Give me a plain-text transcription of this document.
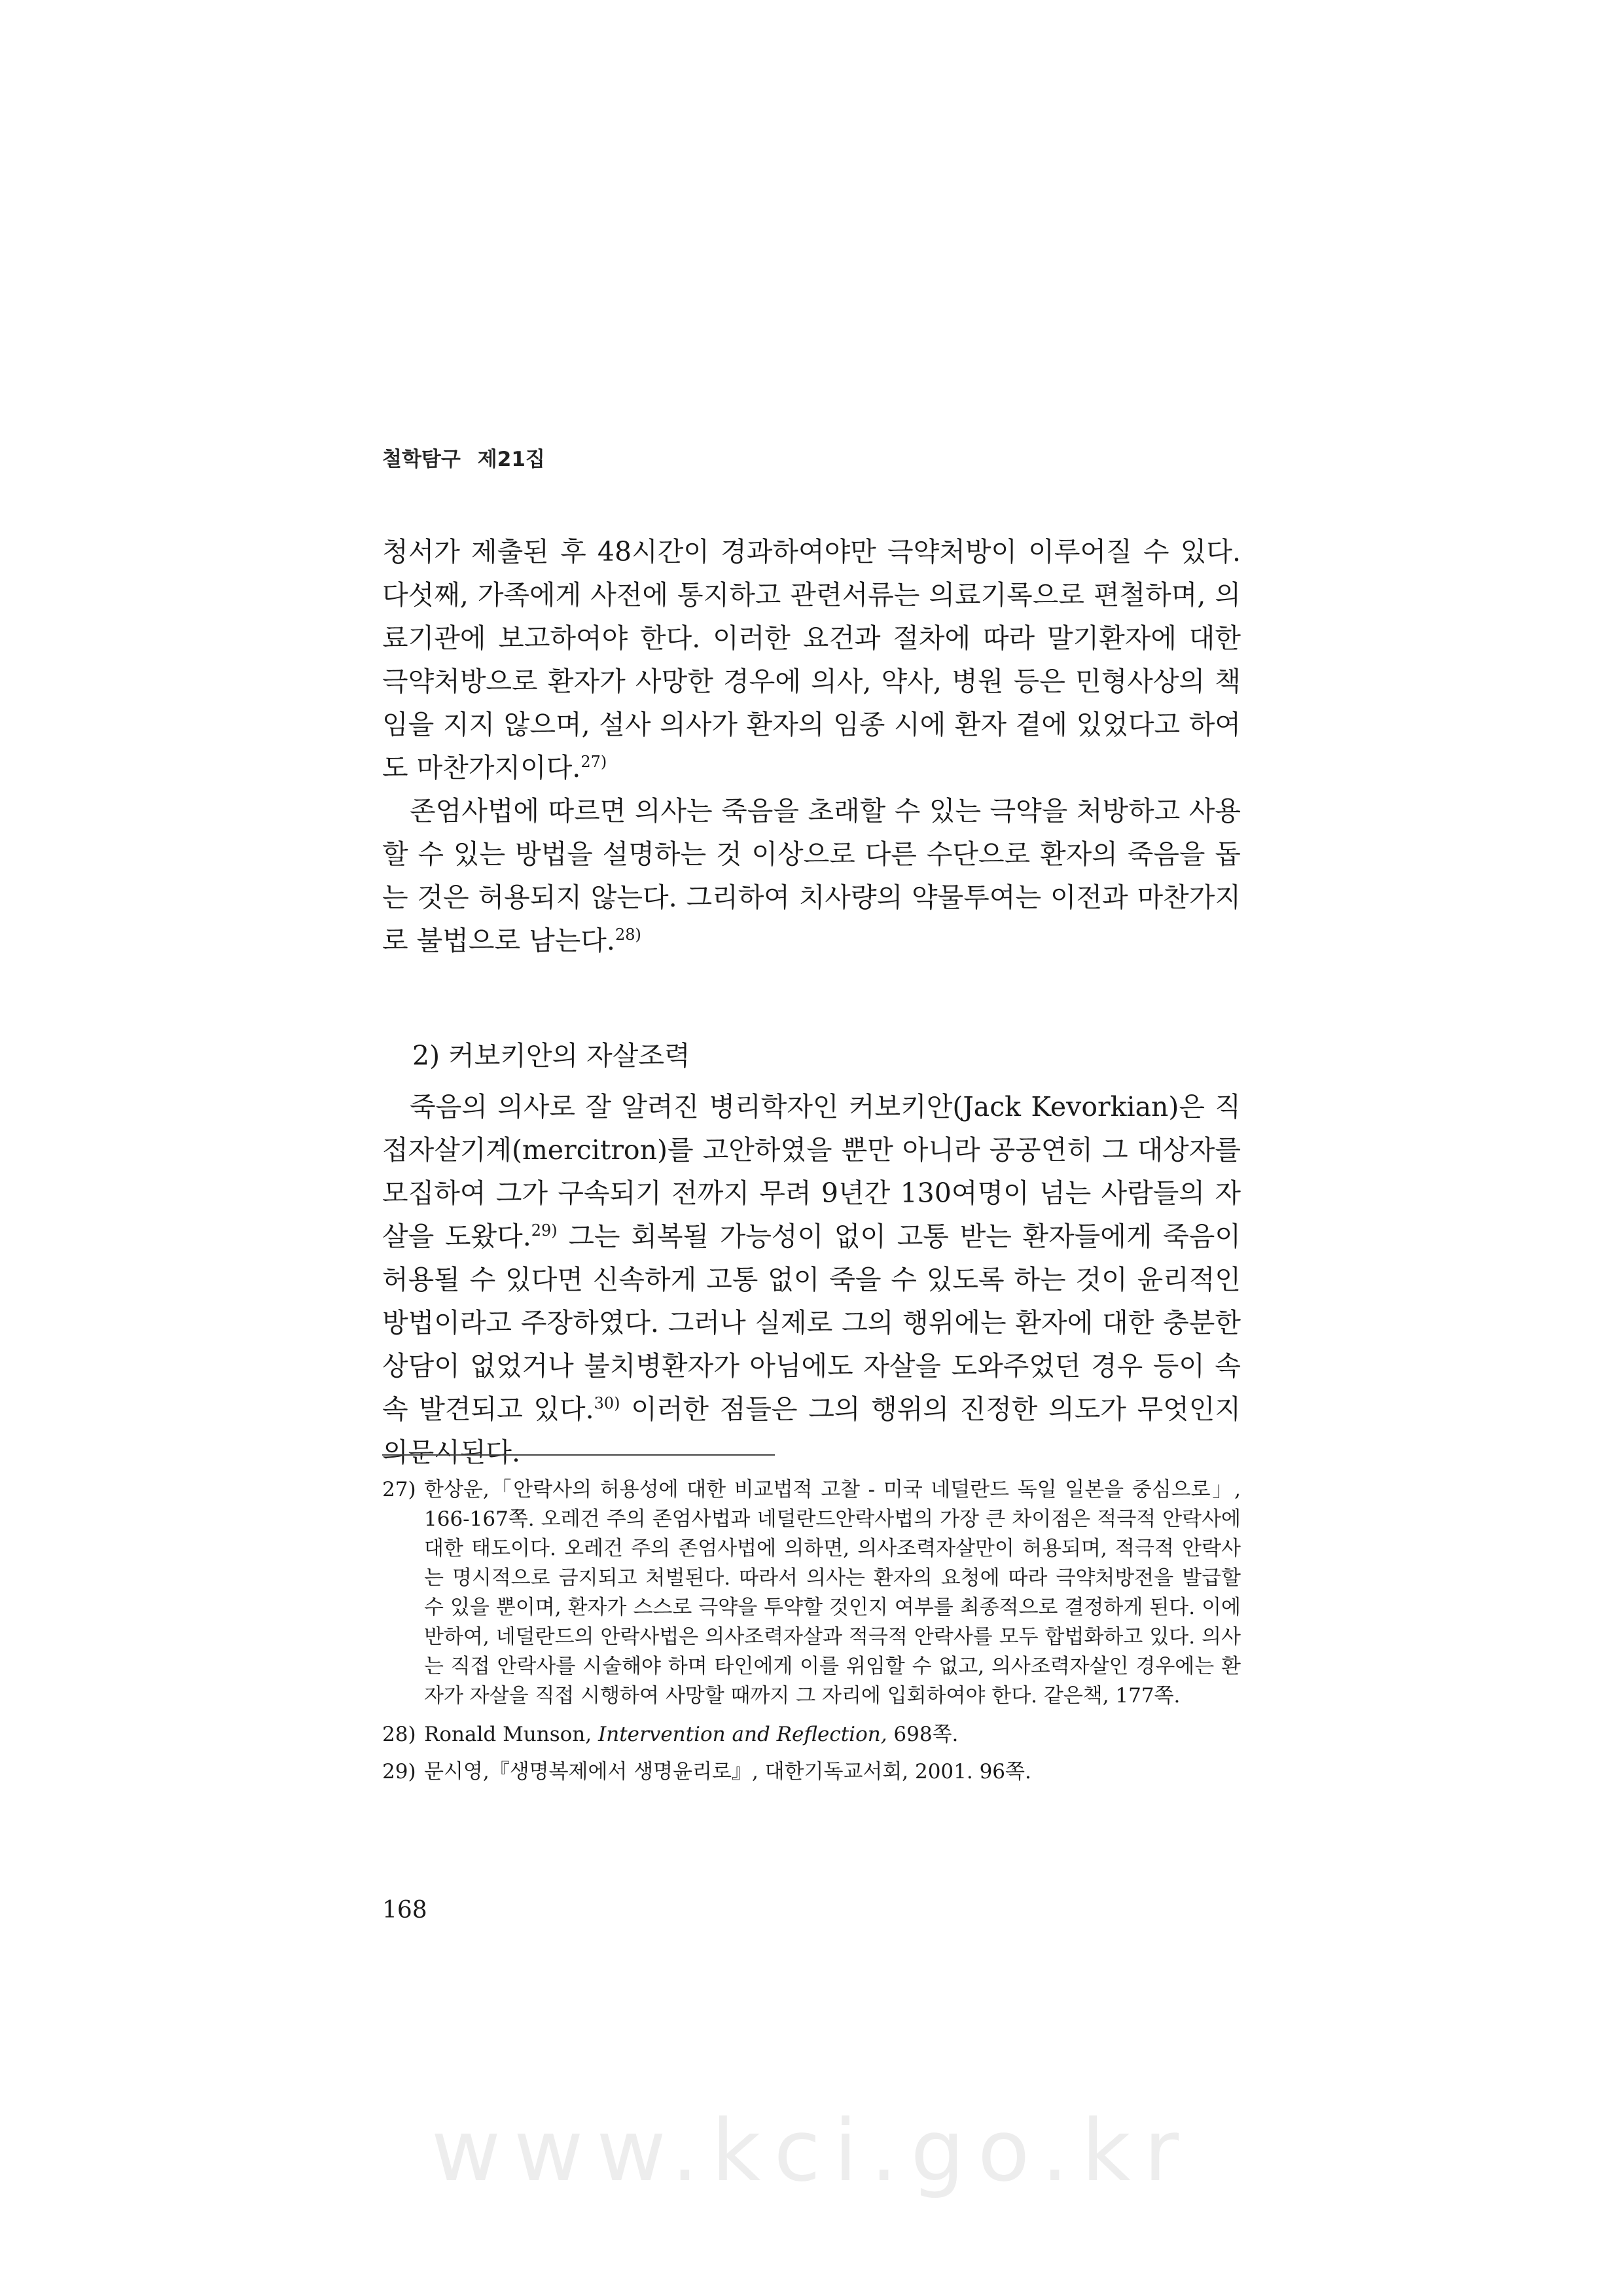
철학탐구 제21집

청서가 제출된 후 48시간이 경과하여야만 극약처방이 이루어질 수 있다. 다섯째, 가족에게 사전에 통지하고 관련서류는 의료기록으로 편철하며, 의료기관에 보고하여야 한다. 이러한 요건과 절차에 따라 말기환자에 대한 극약처방으로 환자가 사망한 경우에 의사, 약사, 병원 등은 민형사상의 책임을 지지 않으며, 설사 의사가 환자의 임종 시에 환자 곁에 있었다고 하여도 마찬가지이다.$^{27)}$

존엄사법에 따르면 의사는 죽음을 초래할 수 있는 극약을 처방하고 사용할 수 있는 방법을 설명하는 것 이상으로 다른 수단으로 환자의 죽음을 돕는 것은 허용되지 않는다. 그리하여 치사량의 약물투여는 이전과 마찬가지로 불법으로 남는다.$^{28)}$

2) 커보키안의 자살조력

죽음의 의사로 잘 알려진 병리학자인 커보키안(Jack Kevorkian)은 직접자살기계(mercitron)를 고안하였을 뿐만 아니라 공공연히 그 대상자를 모집하여 그가 구속되기 전까지 무려 9년간 130여명이 넘는 사람들의 자살을 도왔다.$^{29)}$ 그는 회복될 가능성이 없이 고통 받는 환자들에게 죽음이 허용될 수 있다면 신속하게 고통 없이 죽을 수 있도록 하는 것이 윤리적인 방법이라고 주장하였다. 그러나 실제로 그의 행위에는 환자에 대한 충분한 상담이 없었거나 불치병환자가 아님에도 자살을 도와주었던 경우 등이 속속 발견되고 있다.$^{30)}$ 이러한 점들은 그의 행위의 진정한 의도가 무엇인지 의문시된다.

27) 한상운,「안락사의 허용성에 대한 비교법적 고찰 - 미국 네덜란드 독일 일본을 중심으로」, 166-167쪽. 오레건 주의 존엄사법과 네덜란드안락사법의 가장 큰 차이점은 적극적 안락사에 대한 태도이다. 오레건 주의 존엄사법에 의하면, 의사조력자살만이 허용되며, 적극적 안락사는 명시적으로 금지되고 처벌된다. 따라서 의사는 환자의 요청에 따라 극약처방전을 발급할 수 있을 뿐이며, 환자가 스스로 극약을 투약할 것인지 여부를 최종적으로 결정하게 된다. 이에 반하여, 네덜란드의 안락사법은 의사조력자살과 적극적 안락사를 모두 합법화하고 있다. 의사는 직접 안락사를 시술해야 하며 타인에게 이를 위임할 수 없고, 의사조력자살인 경우에는 환자가 자살을 직접 시행하여 사망할 때까지 그 자리에 입회하여야 한다. 같은책, 177쪽.
28) Ronald Munson, Intervention and Reflection, 698쪽.
29) 문시영,『생명복제에서 생명윤리로』, 대한기독교서회, 2001. 96쪽.
168
www.kci.go.kr
